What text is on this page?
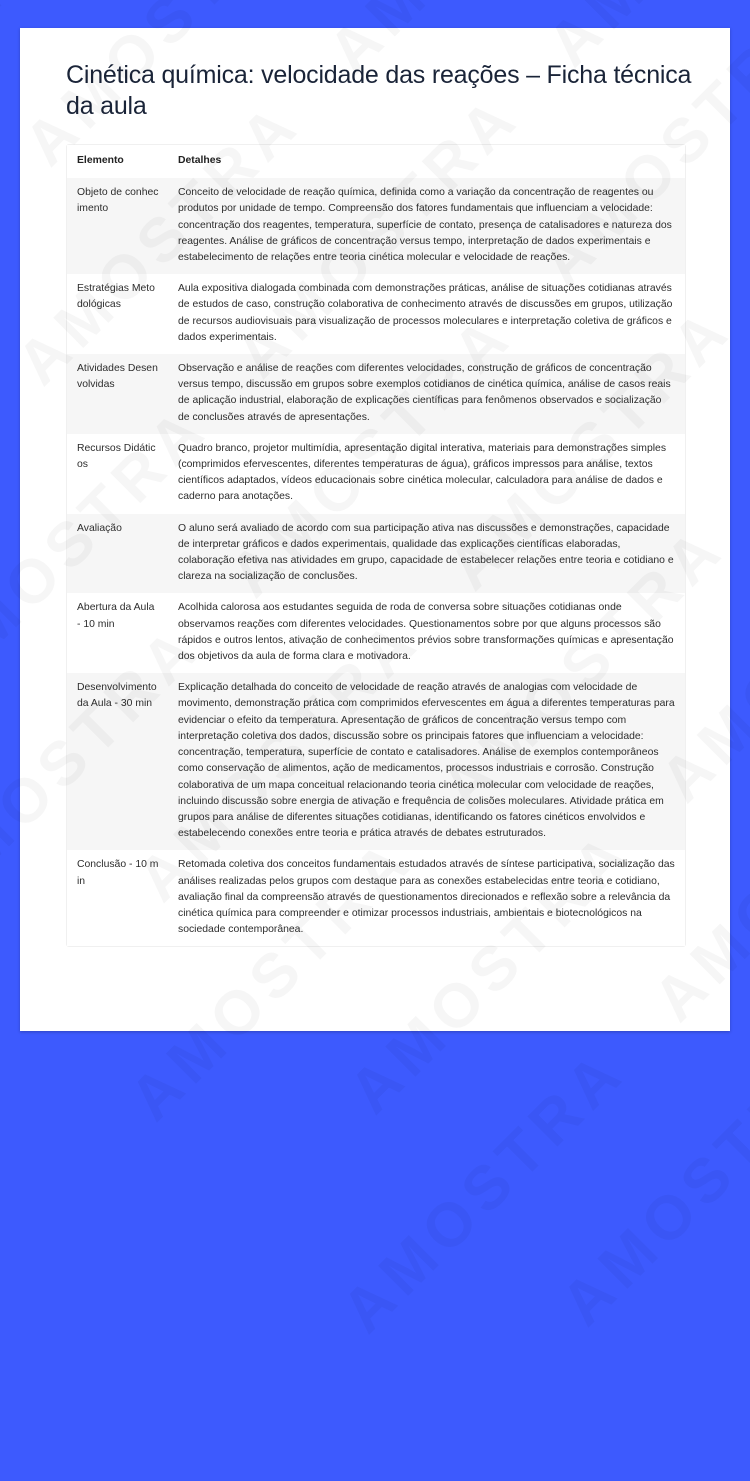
Cinética química: velocidade das reações – Ficha técnica da aula
Elemento	Detalhes
Objeto de conhecimento	Conceito de velocidade de reação química, definida como a variação da concentração de reagentes ou produtos por unidade de tempo. Compreensão dos fatores fundamentais que influenciam a velocidade: concentração dos reagentes, temperatura, superfície de contato, presença de catalisadores e natureza dos reagentes. Análise de gráficos de concentração versus tempo, interpretação de dados experimentais e estabelecimento de relações entre teoria cinética molecular e velocidade de reações.
Estratégias Metodológicas	Aula expositiva dialogada combinada com demonstrações práticas, análise de situações cotidianas através de estudos de caso, construção colaborativa de conhecimento através de discussões em grupos, utilização de recursos audiovisuais para visualização de processos moleculares e interpretação coletiva de gráficos e dados experimentais.
Atividades Desenvolvidas	Observação e análise de reações com diferentes velocidades, construção de gráficos de concentração versus tempo, discussão em grupos sobre exemplos cotidianos de cinética química, análise de casos reais de aplicação industrial, elaboração de explicações científicas para fenômenos observados e socialização de conclusões através de apresentações.
Recursos Didáticos	Quadro branco, projetor multimídia, apresentação digital interativa, materiais para demonstrações simples (comprimidos efervescentes, diferentes temperaturas de água), gráficos impressos para análise, textos científicos adaptados, vídeos educacionais sobre cinética molecular, calculadora para análise de dados e caderno para anotações.
Avaliação	O aluno será avaliado de acordo com sua participação ativa nas discussões e demonstrações, capacidade de interpretar gráficos e dados experimentais, qualidade das explicações científicas elaboradas, colaboração efetiva nas atividades em grupo, capacidade de estabelecer relações entre teoria e cotidiano e clareza na socialização de conclusões.
Abertura da Aula - 10 min	Acolhida calorosa aos estudantes seguida de roda de conversa sobre situações cotidianas onde observamos reações com diferentes velocidades. Questionamentos sobre por que alguns processos são rápidos e outros lentos, ativação de conhecimentos prévios sobre transformações químicas e apresentação dos objetivos da aula de forma clara e motivadora.
Desenvolvimento da Aula - 30 min	Explicação detalhada do conceito de velocidade de reação através de analogias com velocidade de movimento, demonstração prática com comprimidos efervescentes em água a diferentes temperaturas para evidenciar o efeito da temperatura. Apresentação de gráficos de concentração versus tempo com interpretação coletiva dos dados, discussão sobre os principais fatores que influenciam a velocidade: concentração, temperatura, superfície de contato e catalisadores. Análise de exemplos contemporâneos como conservação de alimentos, ação de medicamentos, processos industriais e corrosão. Construção colaborativa de um mapa conceitual relacionando teoria cinética molecular com velocidade de reações, incluindo discussão sobre energia de ativação e frequência de colisões moleculares. Atividade prática em grupos para análise de diferentes situações cotidianas, identificando os fatores cinéticos envolvidos e estabelecendo conexões entre teoria e prática através de debates estruturados.
Conclusão - 10 min	Retomada coletiva dos conceitos fundamentais estudados através de síntese participativa, socialização das análises realizadas pelos grupos com destaque para as conexões estabelecidas entre teoria e cotidiano, avaliação final da compreensão através de questionamentos direcionados e reflexão sobre a relevância da cinética química para compreender e otimizar processos industriais, ambientais e biotecnológicos na sociedade contemporânea.
